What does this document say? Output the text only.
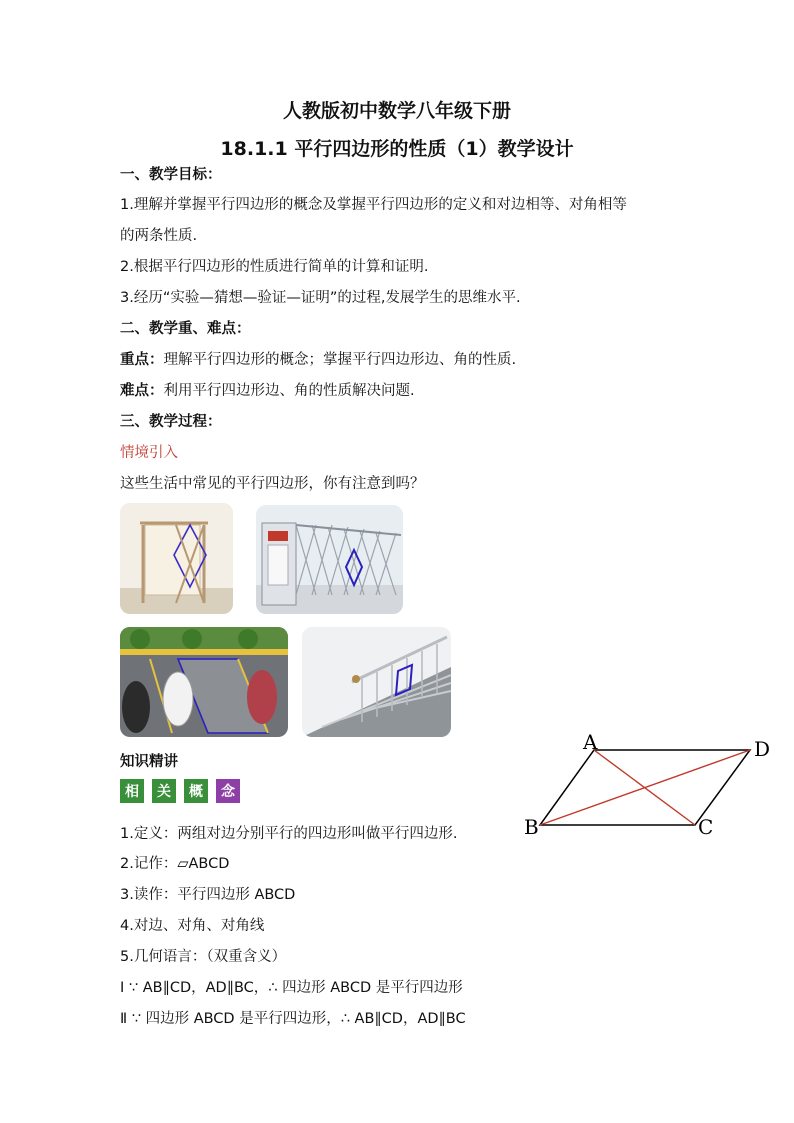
人教版初中数学八年级下册
18.1.1 平行四边形的性质（1）教学设计
一、教学目标：
1.理解并掌握平行四边形的概念及掌握平行四边形的定义和对边相等、对角相等
的两条性质.
2.根据平行四边形的性质进行简单的计算和证明.
3.经历“实验—猜想—验证—证明”的过程,发展学生的思维水平.
二、教学重、难点：
重点：理解平行四边形的概念；掌握平行四边形边、角的性质.
难点：利用平行四边形边、角的性质解决问题.
三、教学过程：
情境引入
这些生活中常见的平行四边形，你有注意到吗？
知识精讲
相	关	概	念
1.定义：两组对边分别平行的四边形叫做平行四边形.
2.记作：▱ABCD
3.读作：平行四边形 ABCD
4.对边、对角、对角线
5.几何语言：（双重含义）
Ⅰ ∵ AB∥CD，AD∥BC，∴ 四边形 ABCD 是平行四边形
Ⅱ ∵ 四边形 ABCD 是平行四边形，∴ AB∥CD，AD∥BC
A	D
B	C
